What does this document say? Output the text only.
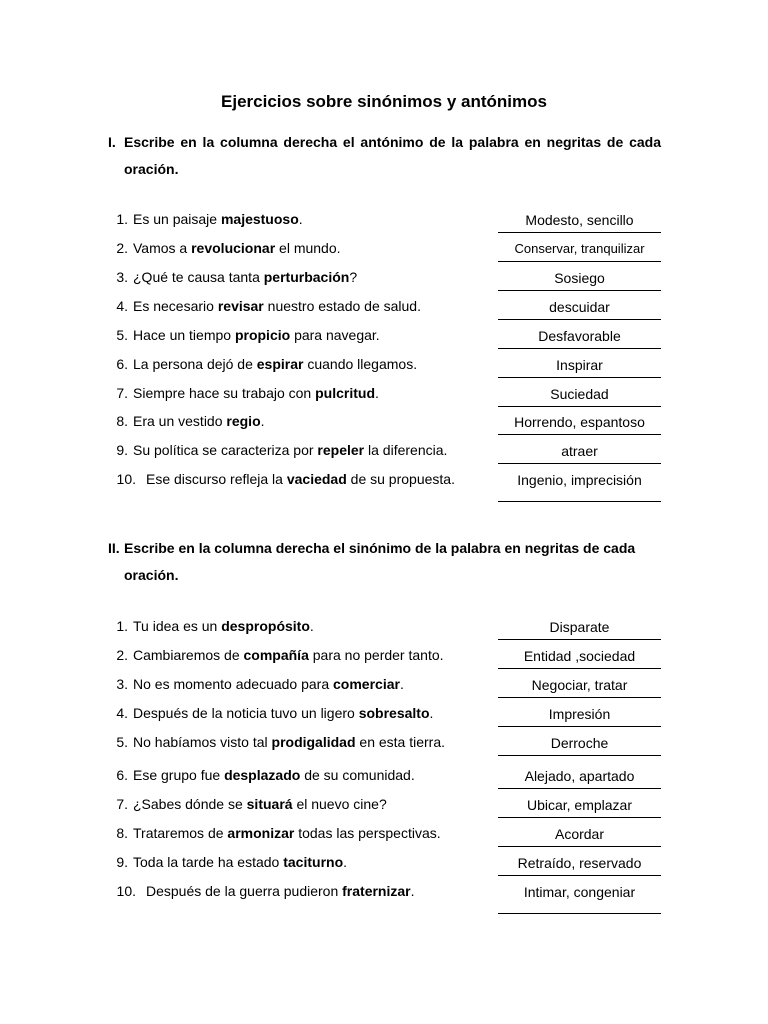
Ejercicios sobre sinónimos y antónimos
I. Escribe en la columna derecha el antónimo de la palabra en negritas de cada oración.
1. Es un paisaje majestuoso.	Modesto, sencillo
2. Vamos a revolucionar el mundo.	Conservar, tranquilizar
3. ¿Qué te causa tanta perturbación?	Sosiego
4. Es necesario revisar nuestro estado de salud.	descuidar
5. Hace un tiempo propicio para navegar.	Desfavorable
6. La persona dejó de espirar cuando llegamos.	Inspirar
7. Siempre hace su trabajo con pulcritud.	Suciedad
8. Era un vestido regio.	Horrendo, espantoso
9. Su política se caracteriza por repeler la diferencia.	atraer
10. Ese discurso refleja la vaciedad de su propuesta.	Ingenio, imprecisión
II. Escribe en la columna derecha el sinónimo de la palabra en negritas de cada oración.
1. Tu idea es un despropósito.	Disparate
2. Cambiaremos de compañía para no perder tanto.	Entidad ,sociedad
3. No es momento adecuado para comerciar.	Negociar, tratar
4. Después de la noticia tuvo un ligero sobresalto.	Impresión
5. No habíamos visto tal prodigalidad en esta tierra.	Derroche
6. Ese grupo fue desplazado de su comunidad.	Alejado, apartado
7. ¿Sabes dónde se situará el nuevo cine?	Ubicar, emplazar
8. Trataremos de armonizar todas las perspectivas.	Acordar
9. Toda la tarde ha estado taciturno.	Retraído, reservado
10. Después de la guerra pudieron fraternizar.	Intimar, congeniar
